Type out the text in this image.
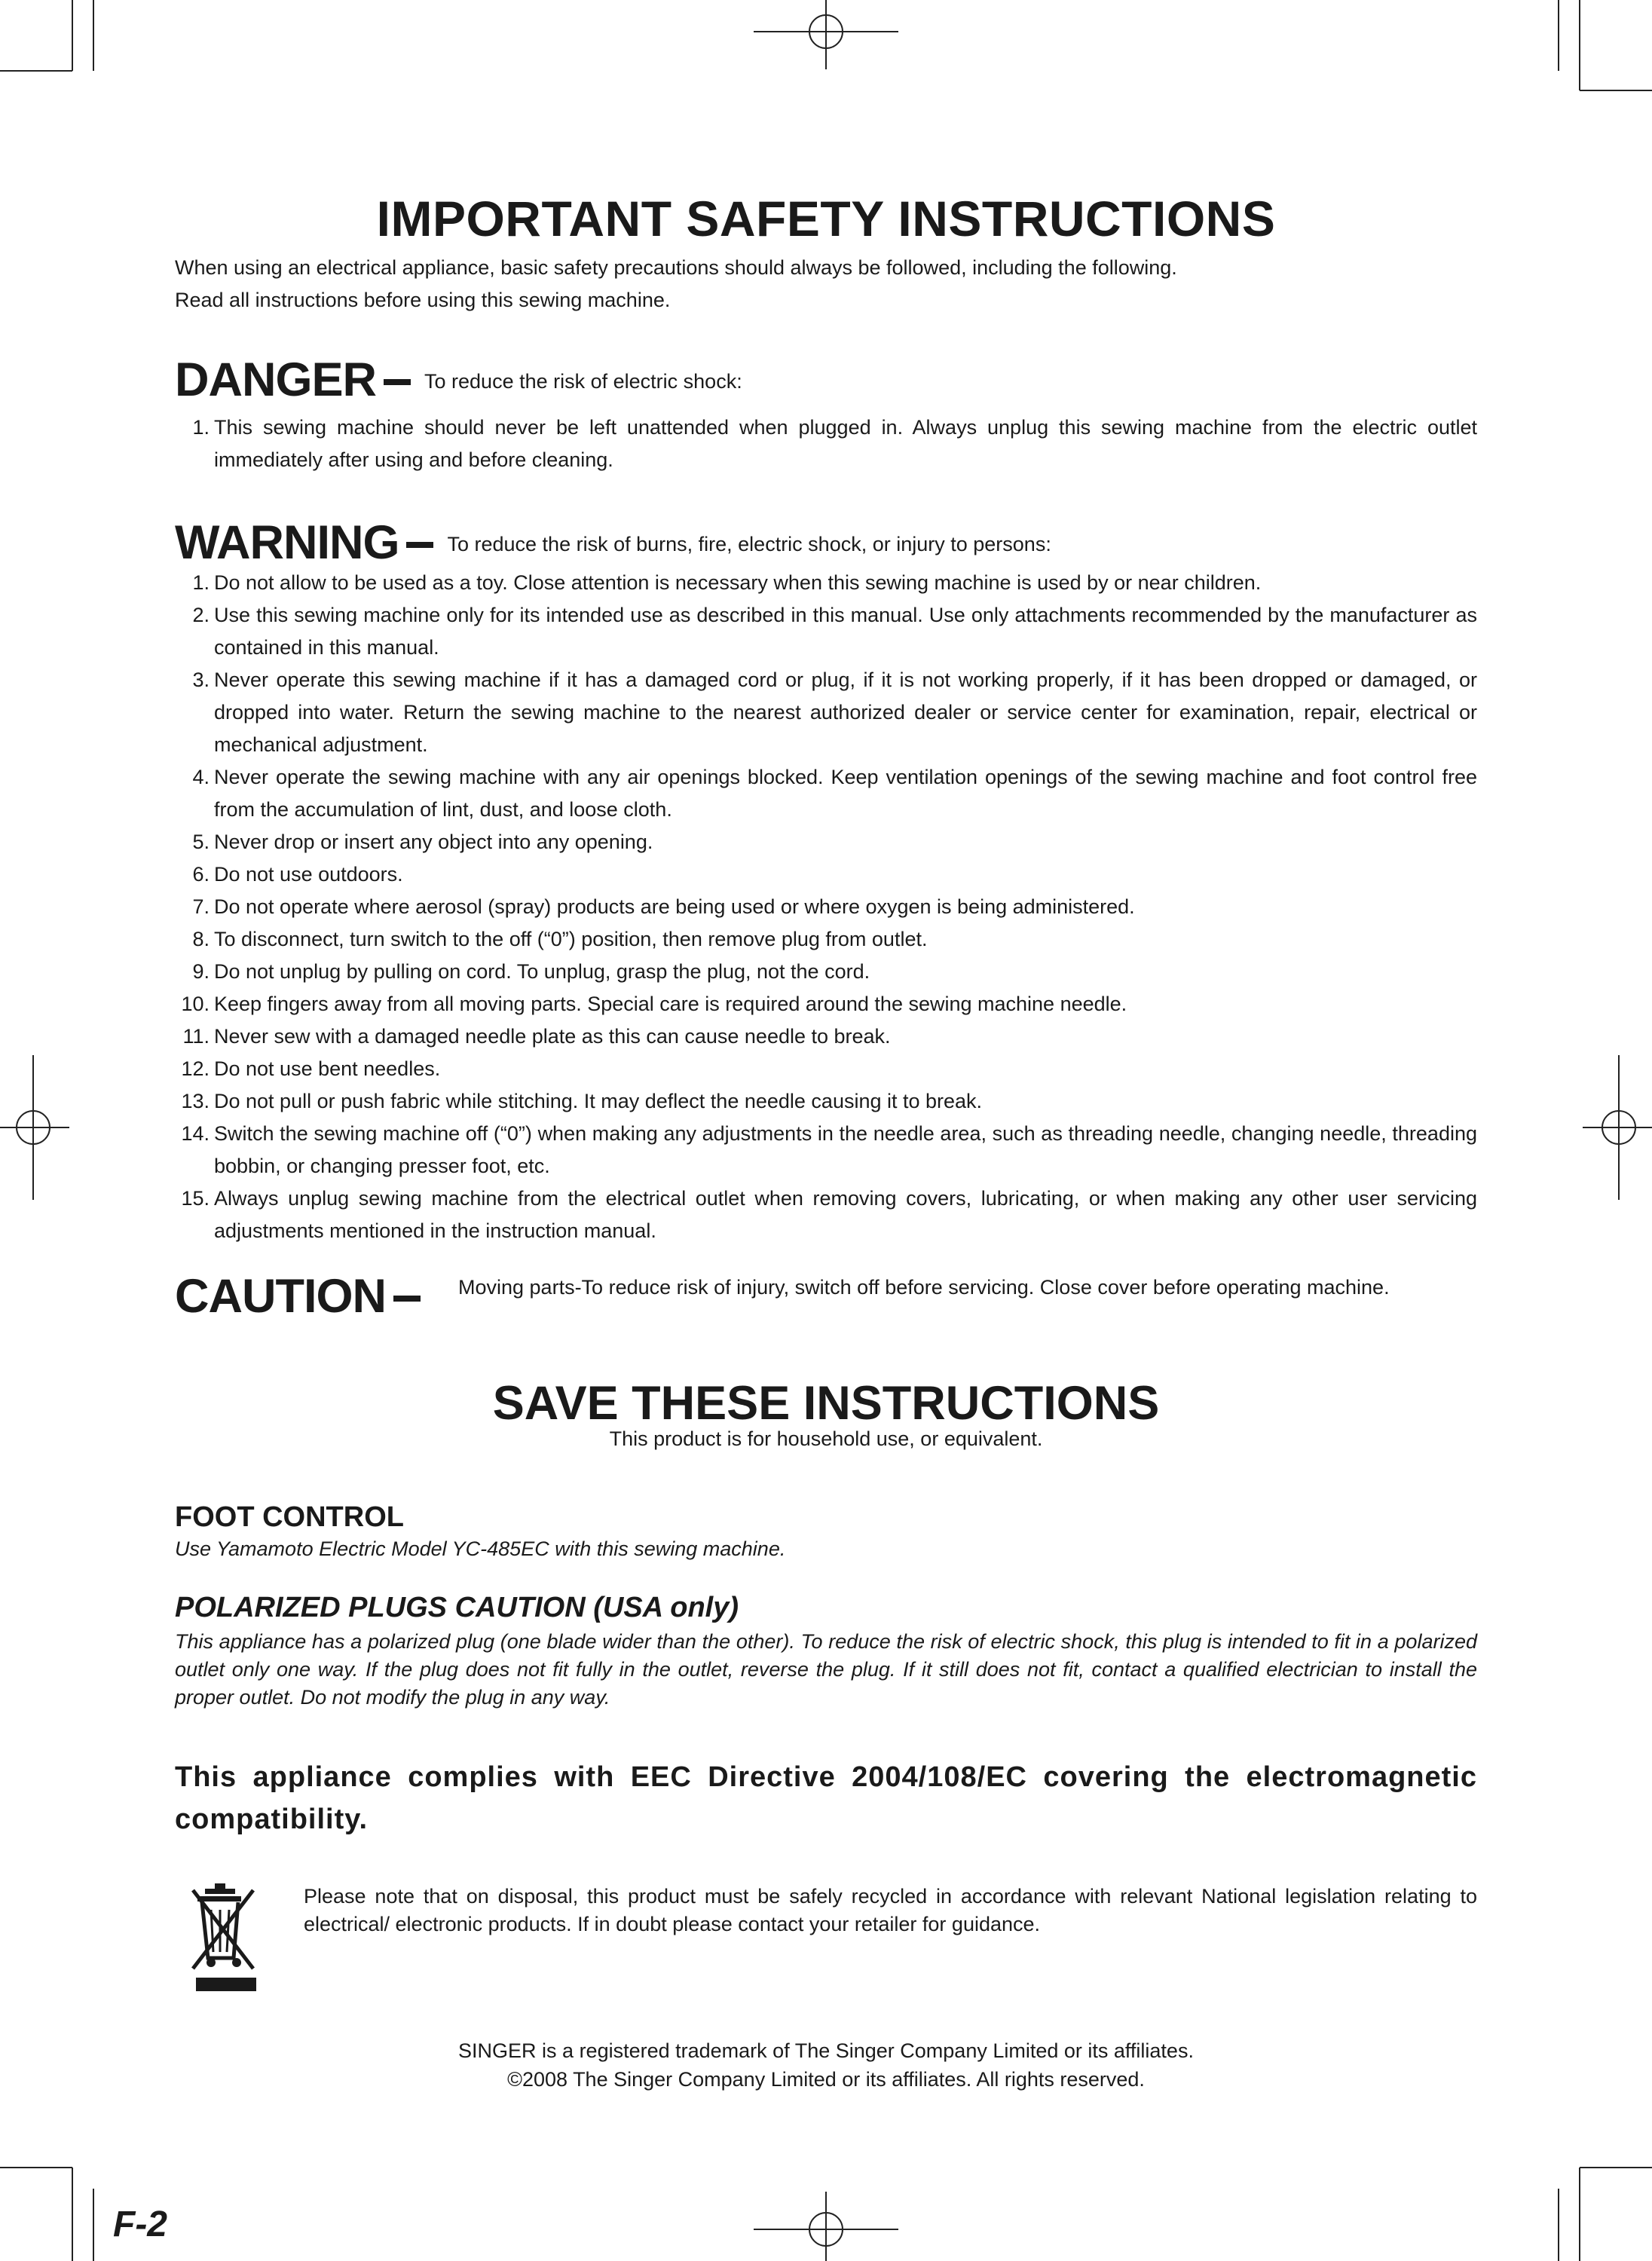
IMPORTANT SAFETY INSTRUCTIONS
When using an electrical appliance, basic safety precautions should always be followed, including the following.
Read all instructions before using this sewing machine.
DANGER To reduce the risk of electric shock:
1. This sewing machine should never be left unattended when plugged in. Always unplug this sewing machine from the electric outlet immediately after using and before cleaning.
WARNING To reduce the risk of burns, fire, electric shock, or injury to persons:
1. Do not allow to be used as a toy. Close attention is necessary when this sewing machine is used by or near children.
2. Use this sewing machine only for its intended use as described in this manual. Use only attachments recommended by the manufacturer as contained in this manual.
3. Never operate this sewing machine if it has a damaged cord or plug, if it is not working properly, if it has been dropped or damaged, or dropped into water. Return the sewing machine to the nearest authorized dealer or service center for examination, repair, electrical or mechanical adjustment.
4. Never operate the sewing machine with any air openings blocked. Keep ventilation openings of the sewing machine and foot control free from the accumulation of lint, dust, and loose cloth.
5. Never drop or insert any object into any opening.
6. Do not use outdoors.
7. Do not operate where aerosol (spray) products are being used or where oxygen is being administered.
8. To disconnect, turn switch to the off (“0”) position, then remove plug from outlet.
9. Do not unplug by pulling on cord. To unplug, grasp the plug, not the cord.
10. Keep fingers away from all moving parts. Special care is required around the sewing machine needle.
11. Never sew with a damaged needle plate as this can cause needle to break.
12. Do not use bent needles.
13. Do not pull or push fabric while stitching. It may deflect the needle causing it to break.
14. Switch the sewing machine off (“0”) when making any adjustments in the needle area, such as threading needle, changing needle, threading bobbin, or changing presser foot, etc.
15. Always unplug sewing machine from the electrical outlet when removing covers, lubricating, or when making any other user servicing adjustments mentioned in the instruction manual.
CAUTION	Moving parts-To reduce risk of injury, switch off before servicing. Close cover before operating machine.
SAVE THESE INSTRUCTIONS
This product is for household use, or equivalent.
FOOT CONTROL
Use Yamamoto Electric Model YC-485EC with this sewing machine.
POLARIZED PLUGS CAUTION (USA only)
This appliance has a polarized plug (one blade wider than the other). To reduce the risk of electric shock, this plug is intended to fit in a polarized outlet only one way. If the plug does not fit fully in the outlet, reverse the plug. If it still does not fit, contact a qualified electrician to install the proper outlet. Do not modify the plug in any way.
This appliance complies with EEC Directive 2004/108/EC covering the electromagnetic compatibility.
Please note that on disposal, this product must be safely recycled in accordance with relevant National legislation relating to electrical/ electronic products. If in doubt please contact your retailer for guidance.
SINGER is a registered trademark of The Singer Company Limited or its affiliates.
©2008 The Singer Company Limited or its affiliates. All rights reserved.
F-2
